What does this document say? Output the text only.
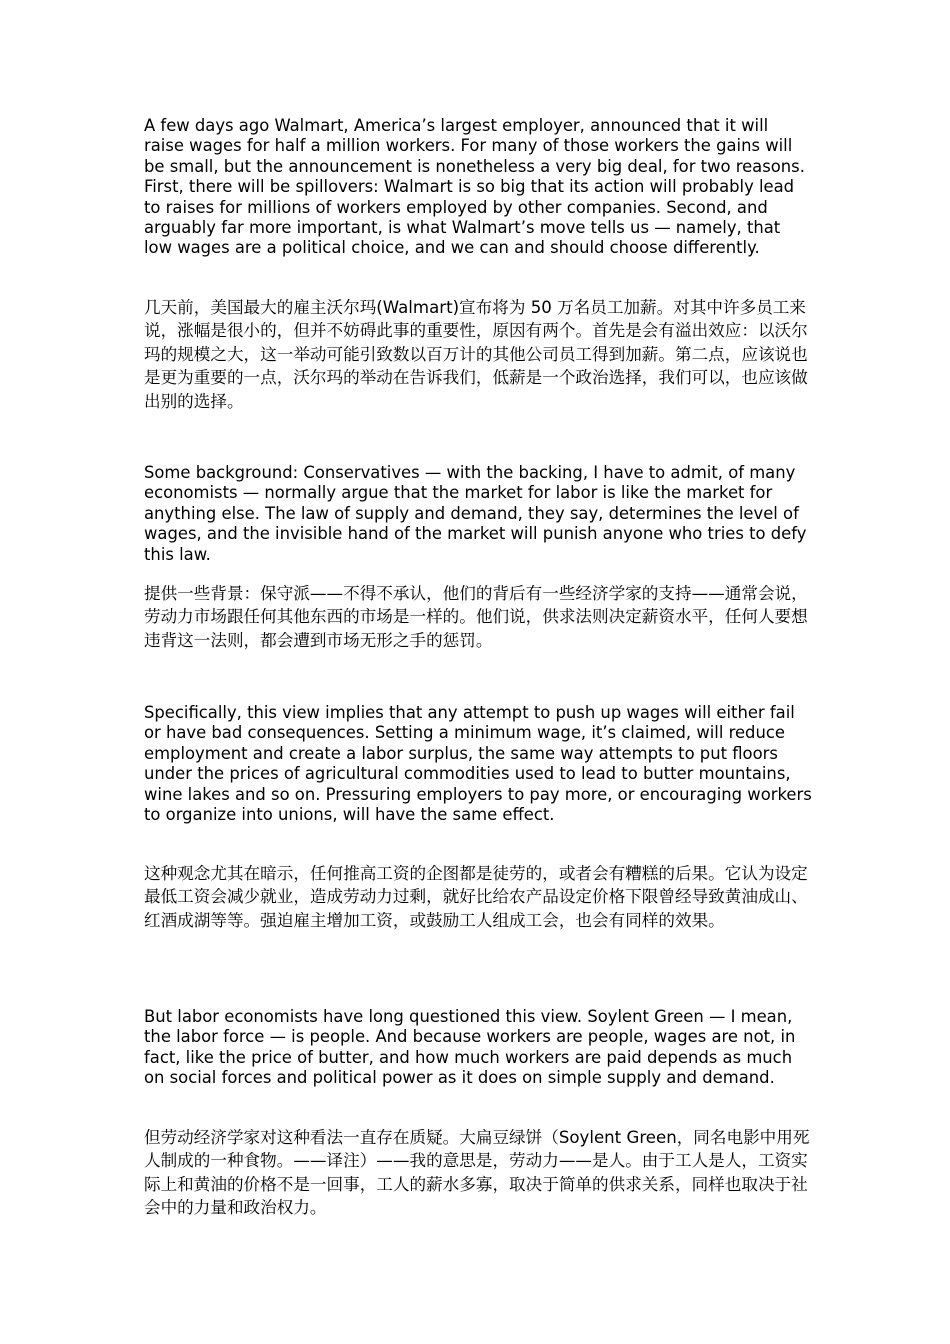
A few days ago Walmart, America’s largest employer, announced that it will raise wages for half a million workers. For many of those workers the gains will be small, but the announcement is nonetheless a very big deal, for two reasons. First, there will be spillovers: Walmart is so big that its action will probably lead to raises for millions of workers employed by other companies. Second, and arguably far more important, is what Walmart’s move tells us — namely, that low wages are a political choice, and we can and should choose differently.

几天前，美国最大的雇主沃尔玛(Walmart)宣布将为 50 万名员工加薪。对其中许多员工来说，涨幅是很小的，但并不妨碍此事的重要性，原因有两个。首先是会有溢出效应：以沃尔玛的规模之大，这一举动可能引致数以百万计的其他公司员工得到加薪。第二点，应该说也是更为重要的一点，沃尔玛的举动在告诉我们，低薪是一个政治选择，我们可以，也应该做出别的选择。

Some background: Conservatives — with the backing, I have to admit, of many economists — normally argue that the market for labor is like the market for anything else. The law of supply and demand, they say, determines the level of wages, and the invisible hand of the market will punish anyone who tries to defy this law.

提供一些背景：保守派——不得不承认，他们的背后有一些经济学家的支持——通常会说，劳动力市场跟任何其他东西的市场是一样的。他们说，供求法则决定薪资水平，任何人要想违背这一法则，都会遭到市场无形之手的惩罚。

Specifically, this view implies that any attempt to push up wages will either fail or have bad consequences. Setting a minimum wage, it’s claimed, will reduce employment and create a labor surplus, the same way attempts to put floors under the prices of agricultural commodities used to lead to butter mountains, wine lakes and so on. Pressuring employers to pay more, or encouraging workers to organize into unions, will have the same effect.

这种观念尤其在暗示，任何推高工资的企图都是徒劳的，或者会有糟糕的后果。它认为设定最低工资会减少就业，造成劳动力过剩，就好比给农产品设定价格下限曾经导致黄油成山、红酒成湖等等。强迫雇主增加工资，或鼓励工人组成工会，也会有同样的效果。

But labor economists have long questioned this view. Soylent Green — I mean, the labor force — is people. And because workers are people, wages are not, in fact, like the price of butter, and how much workers are paid depends as much on social forces and political power as it does on simple supply and demand.

但劳动经济学家对这种看法一直存在质疑。大扁豆绿饼（Soylent Green，同名电影中用死人制成的一种食物。——译注）——我的意思是，劳动力——是人。由于工人是人，工资实际上和黄油的价格不是一回事，工人的薪水多寡，取决于简单的供求关系，同样也取决于社会中的力量和政治权力。
